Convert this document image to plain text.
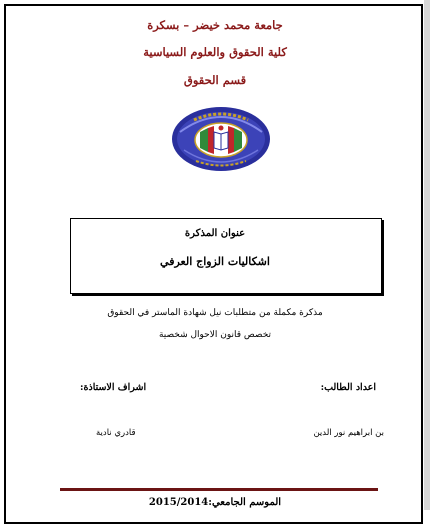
جامعة محمد خيضر – بسكرة
كلية الحقوق والعلوم السياسية
قسم الحقوق
عنوان المذكرة
اشكاليات الزواج العرفي
مذكرة مكملة من متطلبات نيل شهادة الماستر في الحقوق
تخصص قانون الاحوال شخصية
اعداد الطالب:
اشراف الاستاذة:
بن ابراهيم نور الدين
قادري نادية
الموسم الجامعي:2015/2014
